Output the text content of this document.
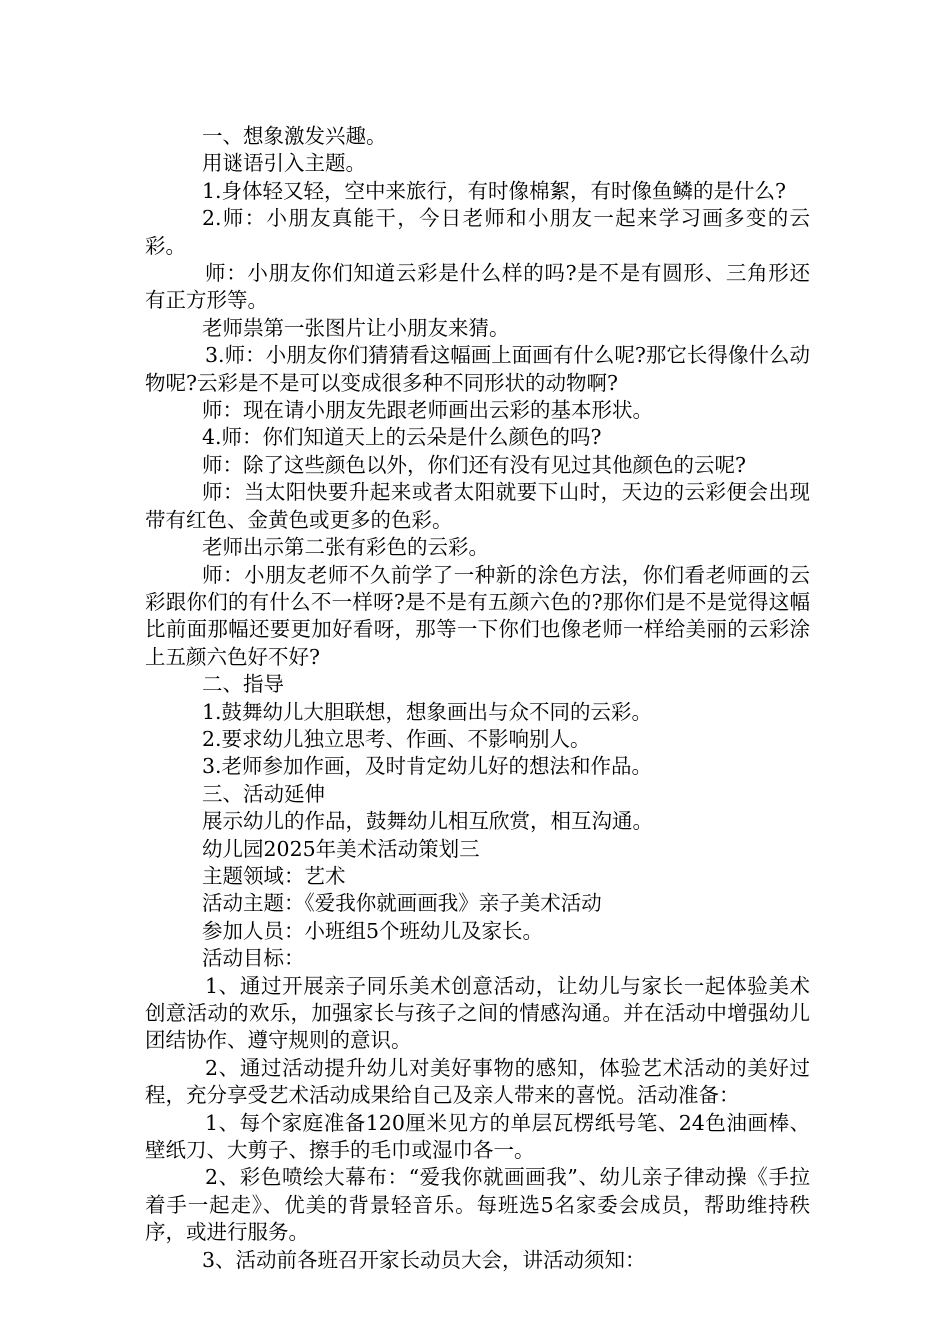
一、想象激发兴趣。

用谜语引入主题。

1.身体轻又轻，空中来旅行，有时像棉絮，有时像鱼鳞的是什么?

2.师：小朋友真能干，今日老师和小朋友一起来学习画多变的云彩。

师：小朋友你们知道云彩是什么样的吗?是不是有圆形、三角形还有正方形等。

老师祟第一张图片让小朋友来猜。

3.师：小朋友你们猜猜看这幅画上面画有什么呢?那它长得像什么动物呢?云彩是不是可以变成很多种不同形状的动物啊?

师：现在请小朋友先跟老师画出云彩的基本形状。

4.师：你们知道天上的云朵是什么颜色的吗?

师：除了这些颜色以外，你们还有没有见过其他颜色的云呢?

师：当太阳快要升起来或者太阳就要下山时，天边的云彩便会出现带有红色、金黄色或更多的色彩。

老师出示第二张有彩色的云彩。

师：小朋友老师不久前学了一种新的涂色方法，你们看老师画的云彩跟你们的有什么不一样呀?是不是有五颜六色的?那你们是不是觉得这幅比前面那幅还要更加好看呀，那等一下你们也像老师一样给美丽的云彩涂上五颜六色好不好?

二、指导

1.鼓舞幼儿大胆联想，想象画出与众不同的云彩。

2.要求幼儿独立思考、作画、不影响别人。

3.老师参加作画，及时肯定幼儿好的想法和作品。

三、活动延伸

展示幼儿的作品，鼓舞幼儿相互欣赏，相互沟通。

幼儿园2025年美术活动策划三

主题领域：艺术

活动主题：《爱我你就画画我》亲子美术活动

参加人员：小班组5个班幼儿及家长。

活动目标：

1、通过开展亲子同乐美术创意活动，让幼儿与家长一起体验美术创意活动的欢乐，加强家长与孩子之间的情感沟通。并在活动中增强幼儿团结协作、遵守规则的意识。

2、通过活动提升幼儿对美好事物的感知，体验艺术活动的美好过程，充分享受艺术活动成果给自己及亲人带来的喜悦。活动准备：

1、每个家庭准备120厘米见方的单层瓦楞纸号笔、24色油画棒、壁纸刀、大剪子、擦手的毛巾或湿巾各一。

2、彩色喷绘大幕布：“爱我你就画画我”、幼儿亲子律动操《手拉着手一起走》、优美的背景轻音乐。每班选5名家委会成员，帮助维持秩序，或进行服务。

3、活动前各班召开家长动员大会，讲活动须知：
